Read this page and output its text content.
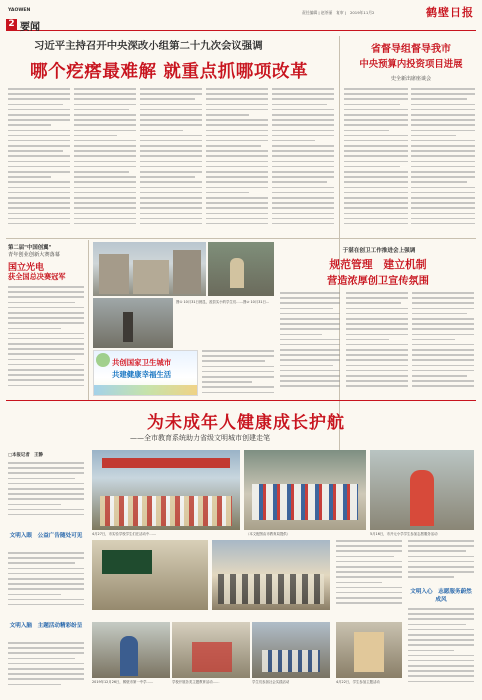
YAOWEN	责任编辑 | 赵茶丽　复审 |　2019年11月2	鹤壁日报
2 要闻
习近平主持召开中央深改小组第二十九次会议强调
哪个疙瘩最难解 就重点抓哪项改革
省督导组督导我市
中央预算内投资项目进展
史全新出席座谈会
第二届"中国创翼"
青年创业创新大赛落幕
国立光电
获全国总决赛冠军
图① 10月31日晨昆，浚县实小的学生们……图② 10月31日…
共创国家卫生城市
共建健康幸福生活
于湛在创卫工作推进会上强调
规范管理　建立机制
营造浓厚创卫宣传氛围
为未成年人健康成长护航
——全市教育系统助力省级文明城市创建走笔
□本报记者　王静
文明入眼　公益广告随处可见
文明入脑　主题活动精彩纷呈
4月27日，市实验学校学生们在活动中……	（本文配图由市教育局提供）	5月16日，市开元小学学生参加志愿服务活动
文明入心　志愿服务蔚然成风
2019年12月26日，鹤壁市第一中学……	学校开展各类主题教育活动……	学生们参加社会实践活动	4月22日，学生参加主题活动
